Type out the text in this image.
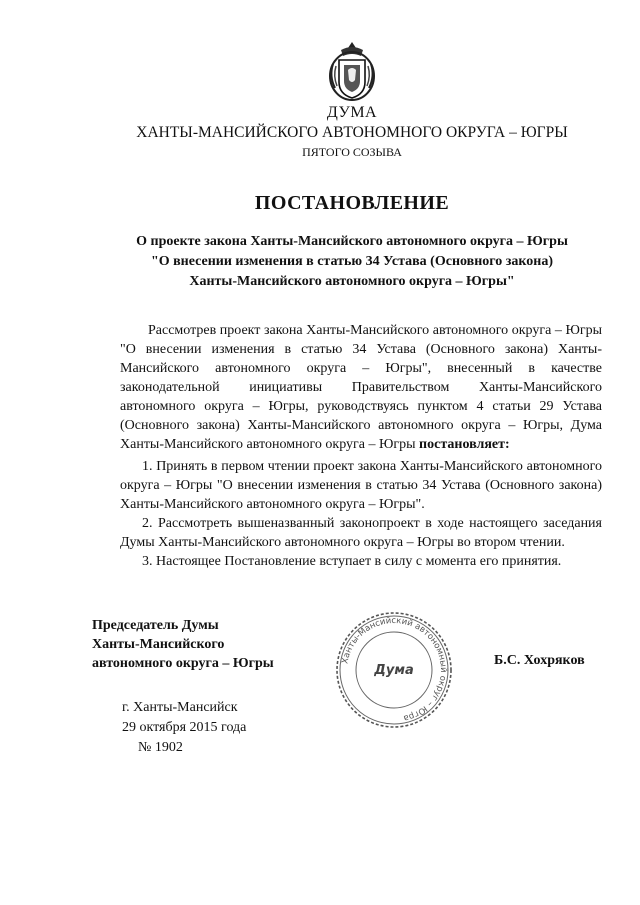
ДУМА
ХАНТЫ-МАНСИЙСКОГО АВТОНОМНОГО ОКРУГА – ЮГРЫ
ПЯТОГО СОЗЫВА
ПОСТАНОВЛЕНИЕ
О проекте закона Ханты-Мансийского автономного округа – Югры
"О внесении изменения в статью 34 Устава (Основного закона)
Ханты-Мансийского автономного округа – Югры"

Рассмотрев проект закона Ханты-Мансийского автономного округа – Югры "О внесении изменения в статью 34 Устава (Основного закона) Ханты-Мансийского автономного округа – Югры", внесенный в качестве законодательной инициативы Правительством Ханты-Мансийского автономного округа – Югры, руководствуясь пунктом 4 статьи 29 Устава (Основного закона) Ханты-Мансийского автономного округа – Югры, Дума Ханты-Мансийского автономного округа – Югры постановляет:

1. Принять в первом чтении проект закона Ханты-Мансийского автономного округа – Югры "О внесении изменения в статью 34 Устава (Основного закона) Ханты-Мансийского автономного округа – Югры".

2. Рассмотреть вышеназванный законопроект в ходе настоящего заседания Думы Ханты-Мансийского автономного округа – Югры во втором чтении.

3. Настоящее Постановление вступает в силу с момента его принятия.

Председатель Думы
Ханты-Мансийского
автономного округа – Югры	Ханты-Мансийский автономный округ – Югра
Дума
Б.С. Хохряков
г. Ханты-Мансийск
29 октября 2015 года
№ 1902
